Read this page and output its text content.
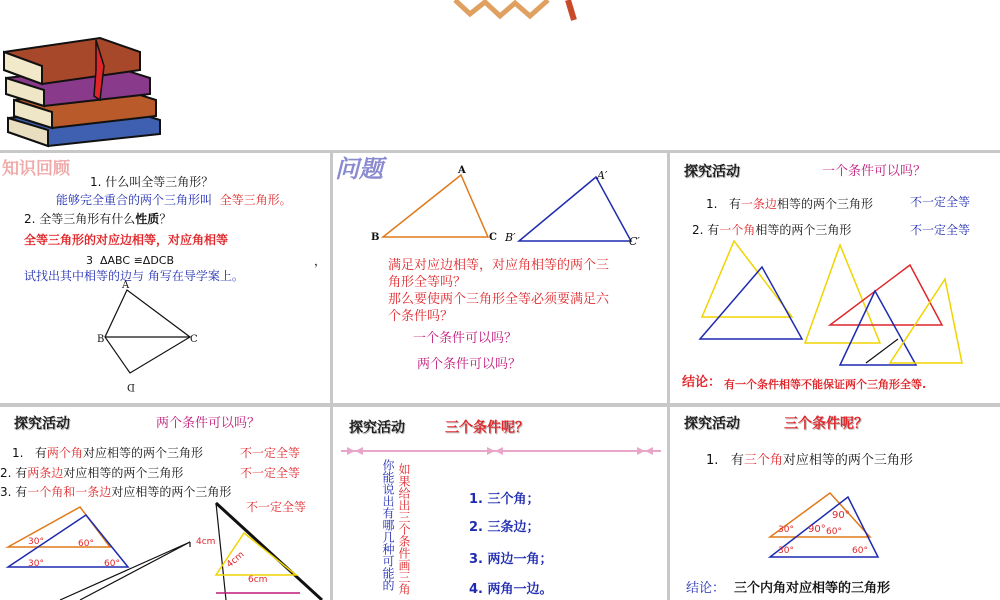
知识回顾
1. 什么叫全等三角形？
能够完全重合的两个三角形叫 全等三角形。
2. 全等三角形有什么性质？
全等三角形的对应边相等，对应角相等
3 ΔABC ≌ΔDCB	，
试找出其中相等的边与 角写在导学案上。
A
B	C
D
问题	A
B	C
A′
B′	C′
满足对应边相等，对应角相等的两个三
角形全等吗？
那么要使两个三角形全等必须要满足六
个条件吗？
一个条件可以吗？
两个条件可以吗？
探究活动	一个条件可以吗？
1. 有一条边相等的两个三角形	不一定全等
2. 有一个角相等的两个三角形	不一定全等
结论： 有一个条件相等不能保证两个三角形全等.
探究活动	两个条件可以吗？
1. 有两个角对应相等的两个三角形	不一定全等
2. 有两条边对应相等的两个三角形	不一定全等
3. 有一个角和一条边对应相等的两个三角形
不一定全等
30°	60°
30°	60°
4cm
4cm
6cm
探究活动	三个条件呢？
你能说出有哪几种可能的 如果给出三个条件画三角	1. 三个角；
2. 三条边；
3. 两边一角；
4. 两角一边。
探究活动	三个条件呢？
1. 有三个角对应相等的两个三角形
30° 90°
90°
60°
30°	60°
结论： 三个内角对应相等的三角形
